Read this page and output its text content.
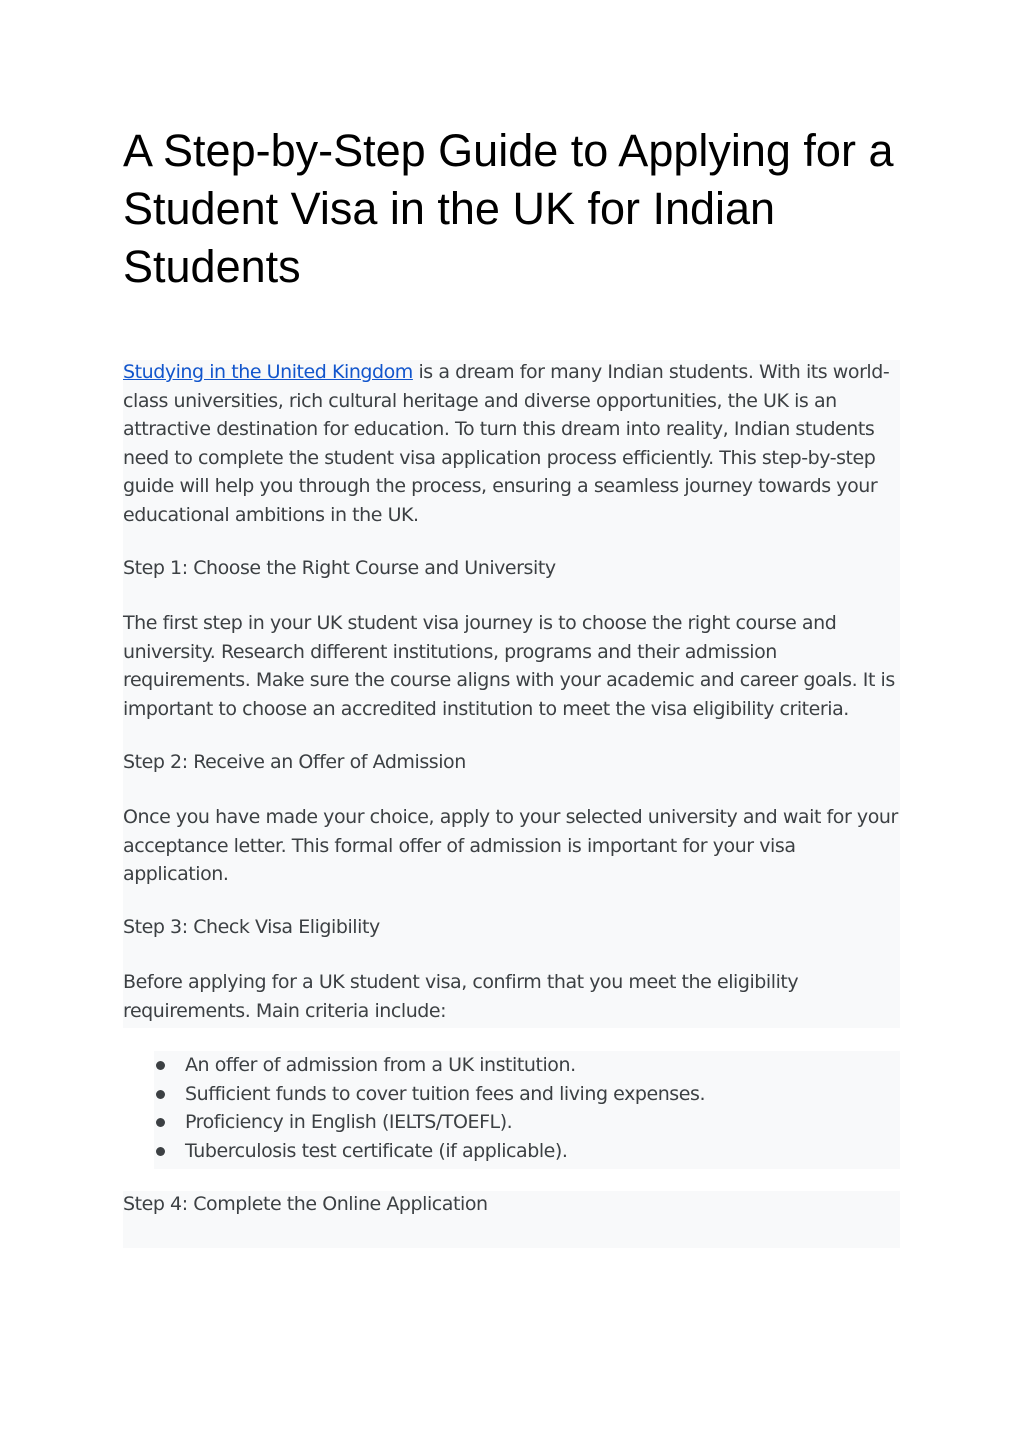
A Step-by-Step Guide to Applying for a Student Visa in the UK for Indian Students

Studying in the United Kingdom is a dream for many Indian students. With its world-class universities, rich cultural heritage and diverse opportunities, the UK is an attractive destination for education. To turn this dream into reality, Indian students need to complete the student visa application process efficiently. This step-by-step guide will help you through the process, ensuring a seamless journey towards your educational ambitions in the UK.

Step 1: Choose the Right Course and University

The first step in your UK student visa journey is to choose the right course and university. Research different institutions, programs and their admission requirements. Make sure the course aligns with your academic and career goals. It is important to choose an accredited institution to meet the visa eligibility criteria.

Step 2: Receive an Offer of Admission

Once you have made your choice, apply to your selected university and wait for your acceptance letter. This formal offer of admission is important for your visa application.

Step 3: Check Visa Eligibility

Before applying for a UK student visa, confirm that you meet the eligibility requirements. Main criteria include:

An offer of admission from a UK institution.
Sufficient funds to cover tuition fees and living expenses.
Proficiency in English (IELTS/TOEFL).
Tuberculosis test certificate (if applicable).

Step 4: Complete the Online Application
